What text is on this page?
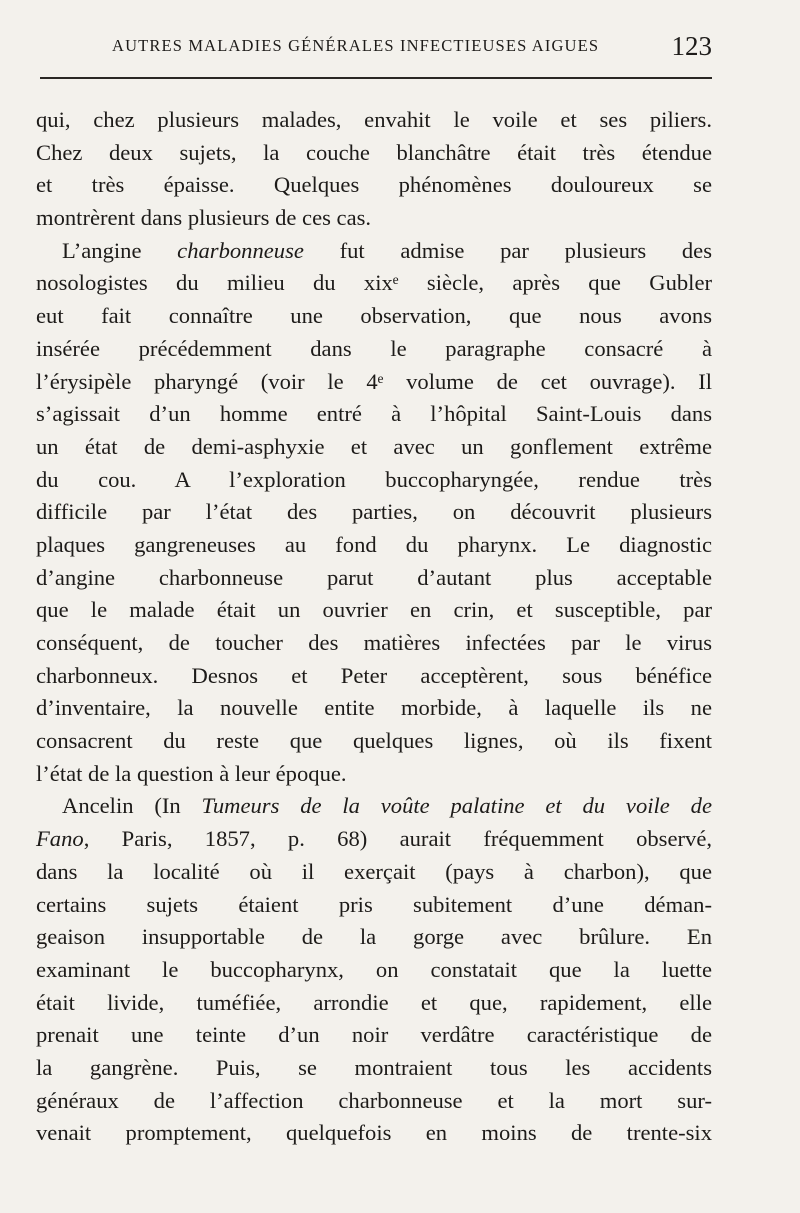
AUTRES MALADIES GÉNÉRALES INFECTIEUSES AIGUES	123
qui, chez plusieurs malades, envahit le voile et ses piliers.
Chez deux sujets, la couche blanchâtre était très étendue
et très épaisse. Quelques phénomènes douloureux se
montrèrent dans plusieurs de ces cas.
L’angine charbonneuse fut admise par plusieurs des
nosologistes du milieu du xixᵉ siècle, après que Gubler
eut fait connaître une observation, que nous avons
insérée précédemment dans le paragraphe consacré à
l’érysipèle pharyngé (voir le 4ᵉ volume de cet ouvrage). Il
s’agissait d’un homme entré à l’hôpital Saint-Louis dans
un état de demi-asphyxie et avec un gonflement extrême
du cou. A l’exploration buccopharyngée, rendue très
difficile par l’état des parties, on découvrit plusieurs
plaques gangreneuses au fond du pharynx. Le diagnostic
d’angine charbonneuse parut d’autant plus acceptable
que le malade était un ouvrier en crin, et susceptible, par
conséquent, de toucher des matières infectées par le virus
charbonneux. Desnos et Peter acceptèrent, sous bénéfice
d’inventaire, la nouvelle entite morbide, à laquelle ils ne
consacrent du reste que quelques lignes, où ils fixent
l’état de la question à leur époque.
Ancelin (In Tumeurs de la voûte palatine et du voile de
Fano, Paris, 1857, p. 68) aurait fréquemment observé,
dans la localité où il exerçait (pays à charbon), que
certains sujets étaient pris subitement d’une déman-
geaison insupportable de la gorge avec brûlure. En
examinant le buccopharynx, on constatait que la luette
était livide, tuméfiée, arrondie et que, rapidement, elle
prenait une teinte d’un noir verdâtre caractéristique de
la gangrène. Puis, se montraient tous les accidents
généraux de l’affection charbonneuse et la mort sur-
venait promptement, quelquefois en moins de trente-six
